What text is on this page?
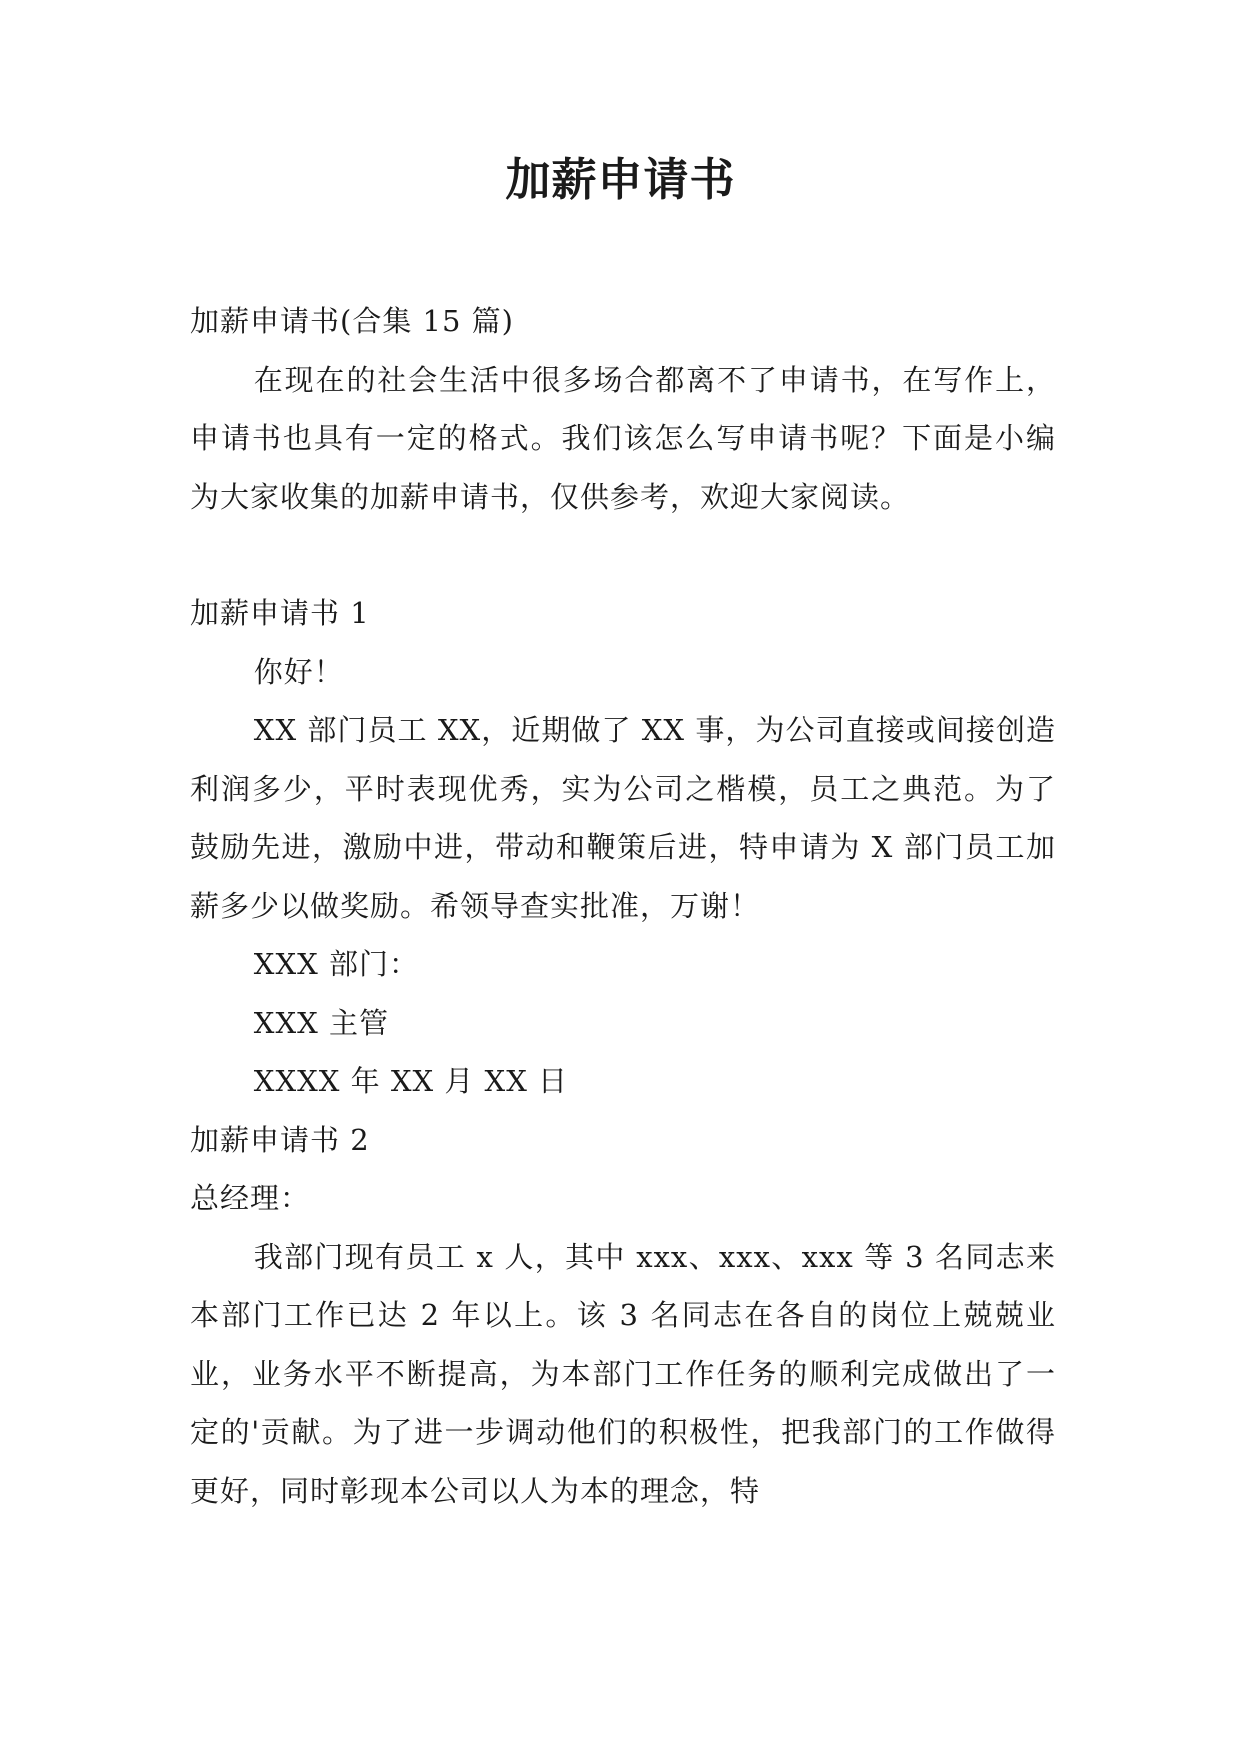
加薪申请书

加薪申请书(合集 15 篇)

在现在的社会生活中很多场合都离不了申请书，在写作上，申请书也具有一定的格式。我们该怎么写申请书呢？下面是小编为大家收集的加薪申请书，仅供参考，欢迎大家阅读。

加薪申请书 1

你好！

XX 部门员工 XX，近期做了 XX 事，为公司直接或间接创造利润多少，平时表现优秀，实为公司之楷模，员工之典范。为了鼓励先进，激励中进，带动和鞭策后进，特申请为 X 部门员工加薪多少以做奖励。希领导查实批准，万谢！

XXX 部门：

XXX 主管

XXXX 年 XX 月 XX 日

加薪申请书 2

总经理：

我部门现有员工 x 人，其中 xxx、xxx、xxx 等 3 名同志来本部门工作已达 2 年以上。该 3 名同志在各自的岗位上兢兢业业，业务水平不断提高，为本部门工作任务的顺利完成做出了一定的'贡献。为了进一步调动他们的积极性，把我部门的工作做得更好，同时彰现本公司以人为本的理念，特
